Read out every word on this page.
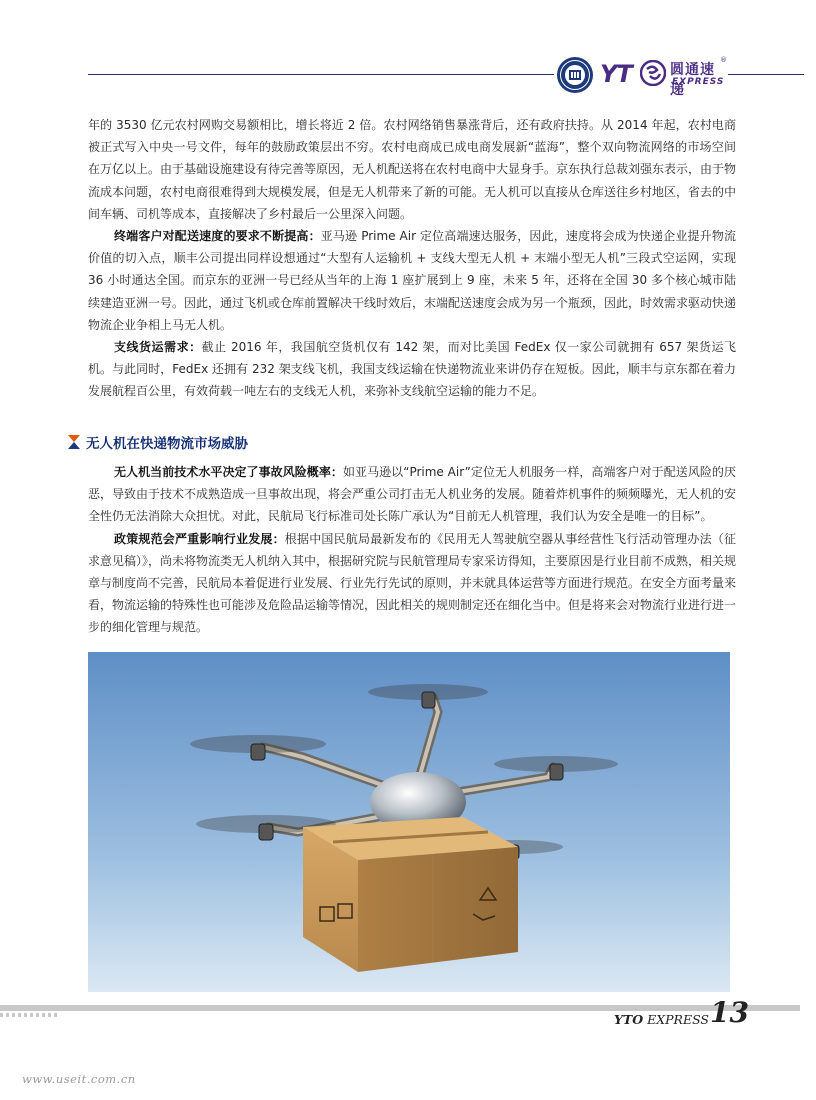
YT	圆通速递
EXPRESS
®

年的 3530 亿元农村网购交易额相比，增长将近 2 倍。农村网络销售暴涨背后，还有政府扶持。从 2014 年起，农村电商被正式写入中央一号文件，每年的鼓励政策层出不穷。农村电商成已成电商发展新“蓝海”，整个双向物流网络的市场空间在万亿以上。由于基础设施建设有待完善等原因，无人机配送将在农村电商中大显身手。京东执行总裁刘强东表示，由于物流成本问题，农村电商很难得到大规模发展，但是无人机带来了新的可能。无人机可以直接从仓库送往乡村地区，省去的中间车辆、司机等成本，直接解决了乡村最后一公里深入问题。

终端客户对配送速度的要求不断提高：亚马逊 Prime Air 定位高端速达服务，因此，速度将会成为快递企业提升物流价值的切入点，顺丰公司提出同样设想通过“大型有人运输机 + 支线大型无人机 + 末端小型无人机”三段式空运网，实现 36 小时通达全国。而京东的亚洲一号已经从当年的上海 1 座扩展到上 9 座，未来 5 年，还将在全国 30 多个核心城市陆续建造亚洲一号。因此，通过飞机或仓库前置解决干线时效后，末端配送速度会成为另一个瓶颈，因此，时效需求驱动快递物流企业争相上马无人机。

支线货运需求：截止 2016 年，我国航空货机仅有 142 架，而对比美国 FedEx 仅一家公司就拥有 657 架货运飞机。与此同时，FedEx 还拥有 232 架支线飞机，我国支线运输在快递物流业来讲仍存在短板。因此，顺丰与京东都在着力发展航程百公里，有效荷载一吨左右的支线无人机，来弥补支线航空运输的能力不足。

无人机在快递物流市场威胁

无人机当前技术水平决定了事故风险概率：如亚马逊以“Prime Air”定位无人机服务一样，高端客户对于配送风险的厌恶，导致由于技术不成熟造成一旦事故出现，将会严重公司打击无人机业务的发展。随着炸机事件的频频曝光，无人机的安全性仍无法消除大众担忧。对此，民航局飞行标准司处长陈广承认为“目前无人机管理，我们认为安全是唯一的目标”。

政策规范会严重影响行业发展：根据中国民航局最新发布的《民用无人驾驶航空器从事经营性飞行活动管理办法（征求意见稿）》，尚未将物流类无人机纳入其中，根据研究院与民航管理局专家采访得知，主要原因是行业目前不成熟，相关规章与制度尚不完善，民航局本着促进行业发展、行业先行先试的原则，并未就具体运营等方面进行规范。在安全方面考量来看，物流运输的特殊性也可能涉及危险品运输等情况，因此相关的规则制定还在细化当中。但是将来会对物流行业进行进一步的细化管理与规范。

YTO EXPRESS 13
www.useit.com.cn
